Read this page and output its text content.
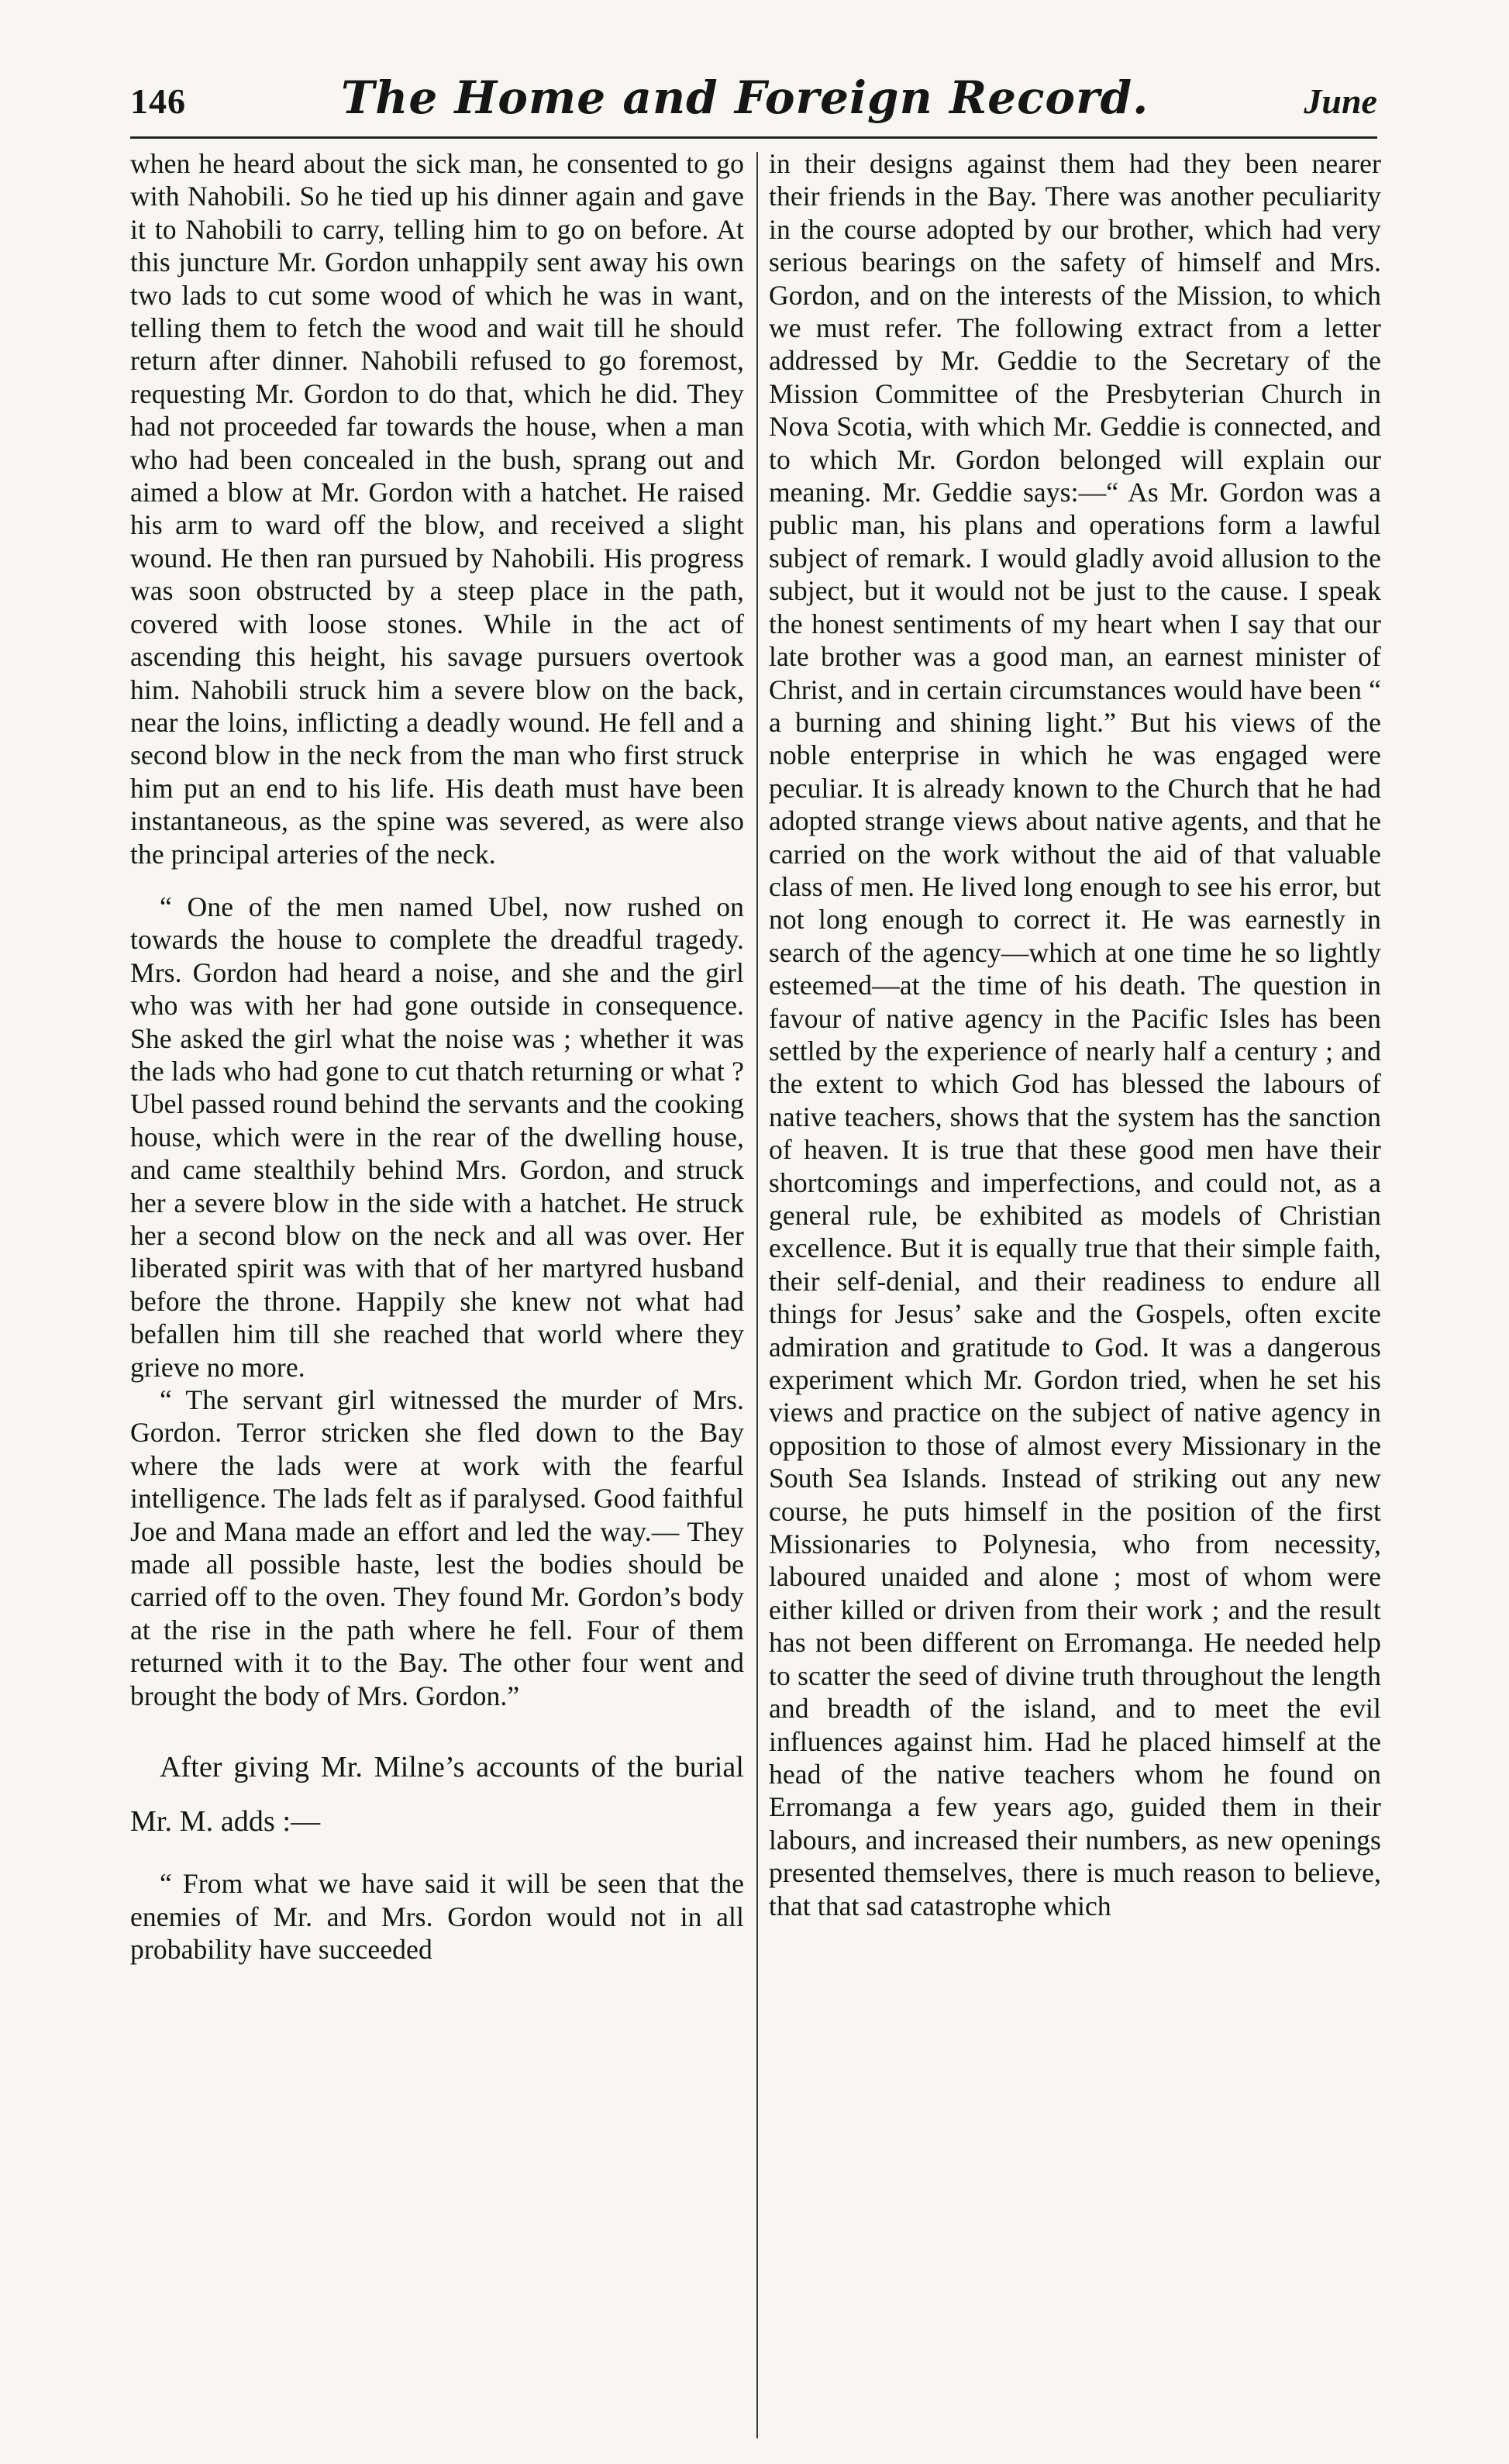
146	The Home and Foreign Record.	June

when he heard about the sick man, he consented to go with Nahobili. So he tied up his dinner again and gave it to Nahobili to carry, telling him to go on before. At this juncture Mr. Gordon unhappily sent away his own two lads to cut some wood of which he was in want, telling them to fetch the wood and wait till he should return after dinner. Nahobili refused to go foremost, requesting Mr. Gordon to do that, which he did. They had not proceeded far towards the house, when a man who had been concealed in the bush, sprang out and aimed a blow at Mr. Gordon with a hatchet. He raised his arm to ward off the blow, and received a slight wound. He then ran pursued by Nahobili. His progress was soon obstructed by a steep place in the path, covered with loose stones. While in the act of ascending this height, his savage pursuers overtook him. Nahobili struck him a severe blow on the back, near the loins, inflicting a deadly wound. He fell and a second blow in the neck from the man who first struck him put an end to his life. His death must have been instantaneous, as the spine was severed, as were also the principal arteries of the neck.

“ One of the men named Ubel, now rushed on towards the house to complete the dreadful tragedy. Mrs. Gordon had heard a noise, and she and the girl who was with her had gone outside in consequence. She asked the girl what the noise was ; whether it was the lads who had gone to cut thatch returning or what ? Ubel passed round behind the servants and the cooking house, which were in the rear of the dwelling house, and came stealthily behind Mrs. Gordon, and struck her a severe blow in the side with a hatchet. He struck her a second blow on the neck and all was over. Her liberated spirit was with that of her martyred husband before the throne. Happily she knew not what had befallen him till she reached that world where they grieve no more.

“ The servant girl witnessed the murder of Mrs. Gordon. Terror stricken she fled down to the Bay where the lads were at work with the fearful intelligence. The lads felt as if paralysed. Good faithful Joe and Mana made an effort and led the way.— They made all possible haste, lest the bodies should be carried off to the oven. They found Mr. Gordon’s body at the rise in the path where he fell. Four of them returned with it to the Bay. The other four went and brought the body of Mrs. Gordon.”

After giving Mr. Milne’s accounts of the burial Mr. M. adds :—

“ From what we have said it will be seen that the enemies of Mr. and Mrs. Gordon would not in all probability have succeeded

in their designs against them had they been nearer their friends in the Bay. There was another peculiarity in the course adopted by our brother, which had very serious bearings on the safety of himself and Mrs. Gordon, and on the interests of the Mission, to which we must refer. The following extract from a letter addressed by Mr. Geddie to the Secretary of the Mission Committee of the Presbyterian Church in Nova Scotia, with which Mr. Geddie is connected, and to which Mr. Gordon belonged will explain our meaning. Mr. Geddie says:—“ As Mr. Gordon was a public man, his plans and operations form a lawful subject of remark. I would gladly avoid allusion to the subject, but it would not be just to the cause. I speak the honest sentiments of my heart when I say that our late brother was a good man, an earnest minister of Christ, and in certain circumstances would have been “ a burning and shining light.” But his views of the noble enterprise in which he was engaged were peculiar. It is already known to the Church that he had adopted strange views about native agents, and that he carried on the work without the aid of that valuable class of men. He lived long enough to see his error, but not long enough to correct it. He was earnestly in search of the agency—which at one time he so lightly esteemed—at the time of his death. The question in favour of native agency in the Pacific Isles has been settled by the experience of nearly half a century ; and the extent to which God has blessed the labours of native teachers, shows that the system has the sanction of heaven. It is true that these good men have their shortcomings and imperfections, and could not, as a general rule, be exhibited as models of Christian excellence. But it is equally true that their simple faith, their self-denial, and their readiness to endure all things for Jesus’ sake and the Gospels, often excite admiration and gratitude to God. It was a dangerous experiment which Mr. Gordon tried, when he set his views and practice on the subject of native agency in opposition to those of almost every Missionary in the South Sea Islands. Instead of striking out any new course, he puts himself in the position of the first Missionaries to Polynesia, who from necessity, laboured unaided and alone ; most of whom were either killed or driven from their work ; and the result has not been different on Erromanga. He needed help to scatter the seed of divine truth throughout the length and breadth of the island, and to meet the evil influences against him. Had he placed himself at the head of the native teachers whom he found on Erromanga a few years ago, guided them in their labours, and increased their numbers, as new openings presented themselves, there is much reason to believe, that that sad catastrophe which
